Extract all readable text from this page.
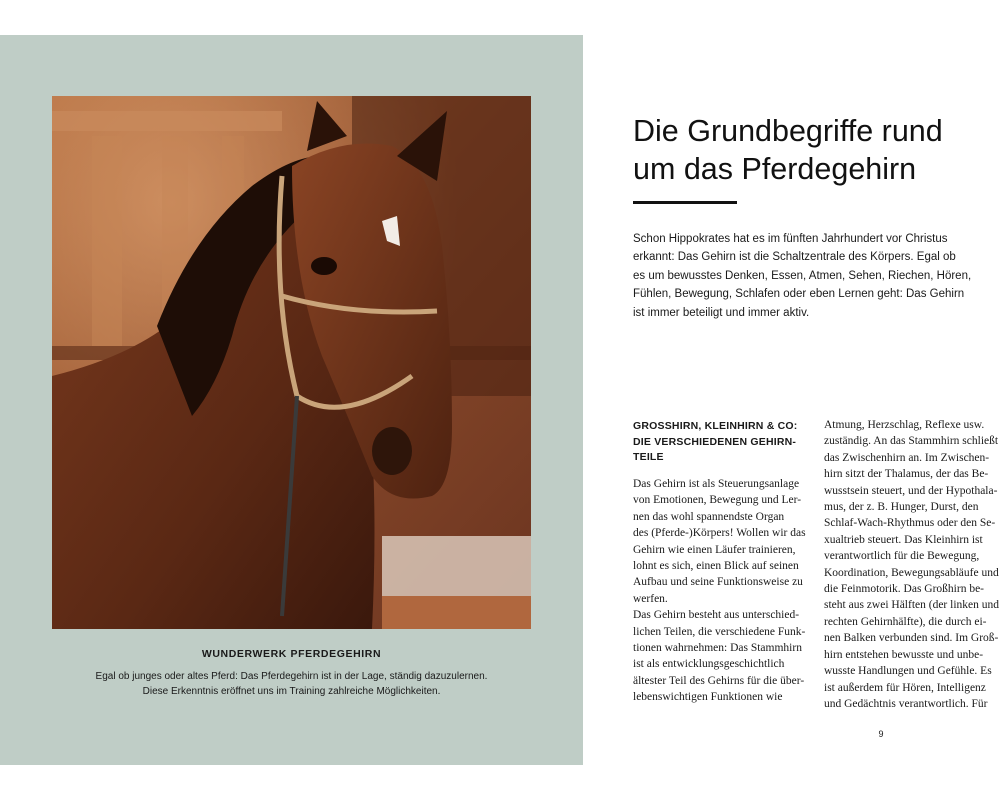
WUNDERWERK PFERDEGEHIRN
Egal ob junges oder altes Pferd: Das Pferdegehirn ist in der Lage, ständig dazuzulernen.
Diese Erkenntnis eröffnet uns im Training zahlreiche Möglichkeiten.
Die Grundbegriffe rund
um das Pferdegehirn

Schon Hippokrates hat es im fünften Jahrhundert vor Christus
erkannt: Das Gehirn ist die Schaltzentrale des Körpers. Egal ob
es um bewusstes Denken, Essen, Atmen, Sehen, Riechen, Hören,
Fühlen, Bewegung, Schlafen oder eben Lernen geht: Das Gehirn
ist immer beteiligt und immer aktiv.

GROSSHIRN, KLEINHIRN & CO:
DIE VERSCHIEDENEN GEHIRN-
TEILE

Das Gehirn ist als Steuerungsanlage
von Emotionen, Bewegung und Ler-
nen das wohl spannendste Organ
des (Pferde-)Körpers! Wollen wir das
Gehirn wie einen Läufer trainieren,
lohnt es sich, einen Blick auf seinen
Aufbau und seine Funktionsweise zu
werfen.
Das Gehirn besteht aus unterschied-
lichen Teilen, die verschiedene Funk-
tionen wahrnehmen: Das Stammhirn
ist als entwicklungsgeschichtlich
ältester Teil des Gehirns für die über-
lebenswichtigen Funktionen wie

Atmung, Herzschlag, Reflexe usw.
zuständig. An das Stammhirn schließt
das Zwischenhirn an. Im Zwischen-
hirn sitzt der Thalamus, der das Be-
wusstsein steuert, und der Hypothala-
mus, der z. B. Hunger, Durst, den
Schlaf-Wach-Rhythmus oder den Se-
xualtrieb steuert. Das Kleinhirn ist
verantwortlich für die Bewegung,
Koordination, Bewegungsabläufe und
die Feinmotorik. Das Großhirn be-
steht aus zwei Hälften (der linken und
rechten Gehirnhälfte), die durch ei-
nen Balken verbunden sind. Im Groß-
hirn entstehen bewusste und unbe-
wusste Handlungen und Gefühle. Es
ist außerdem für Hören, Intelligenz
und Gedächtnis verantwortlich. Für

9
